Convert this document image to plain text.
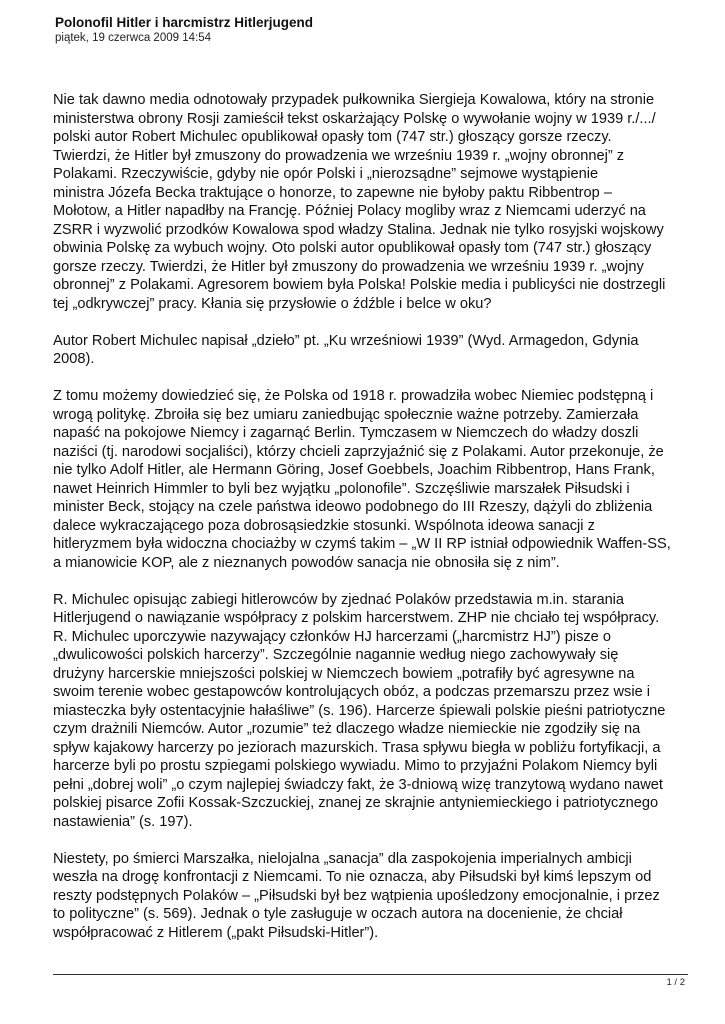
Polonofil Hitler i harcmistrz Hitlerjugend
piątek, 19 czerwca 2009 14:54

Nie tak dawno media odnotowały przypadek pułkownika Siergieja Kowalowa, który na stronie
ministerstwa obrony Rosji zamieścił tekst oskarżający Polskę o wywołanie wojny w 1939 r./.../
polski autor Robert Michulec opublikował opasły tom (747 str.) głoszący gorsze rzeczy.
Twierdzi, że Hitler był zmuszony do prowadzenia we wrześniu 1939 r. „wojny obronnej” z
Polakami. Rzeczywiście, gdyby nie opór Polski i „nierozsądne” sejmowe wystąpienie
ministra Józefa Becka traktujące o honorze, to zapewne nie byłoby paktu Ribbentrop –
Mołotow, a Hitler napadłby na Francję. Później Polacy mogliby wraz z Niemcami uderzyć na
ZSRR i wyzwolić przodków Kowalowa spod władzy Stalina. Jednak nie tylko rosyjski wojskowy
obwinia Polskę za wybuch wojny. Oto polski autor opublikował opasły tom (747 str.) głoszący
gorsze rzeczy. Twierdzi, że Hitler był zmuszony do prowadzenia we wrześniu 1939 r. „wojny
obronnej” z Polakami. Agresorem bowiem była Polska! Polskie media i publicyści nie dostrzegli
tej „odkrywczej” pracy. Kłania się przysłowie o źdźble i belce w oku?

Autor Robert Michulec napisał „dzieło” pt. „Ku wrześniowi 1939” (Wyd. Armagedon, Gdynia
2008).

Z tomu możemy dowiedzieć się, że Polska od 1918 r. prowadziła wobec Niemiec podstępną i
wrogą politykę. Zbroiła się bez umiaru zaniedbując społecznie ważne potrzeby. Zamierzała
napaść na pokojowe Niemcy i zagarnąć Berlin. Tymczasem w Niemczech do władzy doszli
naziści (tj. narodowi socjaliści), którzy chcieli zaprzyjaźnić się z Polakami. Autor przekonuje, że
nie tylko Adolf Hitler, ale Hermann Göring, Josef Goebbels, Joachim Ribbentrop, Hans Frank,
nawet Heinrich Himmler to byli bez wyjątku „polonofile”. Szczęśliwie marszałek Piłsudski i
minister Beck, stojący na czele państwa ideowo podobnego do III Rzeszy, dążyli do zbliżenia
dalece wykraczającego poza dobrosąsiedzkie stosunki. Wspólnota ideowa sanacji z
hitleryzmem była widoczna chociażby w czymś takim – „W II RP istniał odpowiednik Waffen-SS,
a mianowicie KOP, ale z nieznanych powodów sanacja nie obnosiła się z nim”.

R. Michulec opisując zabiegi hitlerowców by zjednać Polaków przedstawia m.in. starania
Hitlerjugend o nawiązanie współpracy z polskim harcerstwem. ZHP nie chciało tej współpracy.
R. Michulec uporczywie nazywający członków HJ harcerzami („harcmistrz HJ”) pisze o
„dwulicowości polskich harcerzy”. Szczególnie nagannie według niego zachowywały się
drużyny harcerskie mniejszości polskiej w Niemczech bowiem „potrafiły być agresywne na
swoim terenie wobec gestapowców kontrolujących obóz, a podczas przemarszu przez wsie i
miasteczka były ostentacyjnie hałaśliwe” (s. 196). Harcerze śpiewali polskie pieśni patriotyczne
czym drażnili Niemców. Autor „rozumie” też dlaczego władze niemieckie nie zgodziły się na
spływ kajakowy harcerzy po jeziorach mazurskich. Trasa spływu biegła w pobliżu fortyfikacji, a
harcerze byli po prostu szpiegami polskiego wywiadu. Mimo to przyjaźni Polakom Niemcy byli
pełni „dobrej woli” „o czym najlepiej świadczy fakt, że 3-dniową wizę tranzytową wydano nawet
polskiej pisarce Zofii Kossak-Szczuckiej, znanej ze skrajnie antyniemieckiego i patriotycznego
nastawienia” (s. 197).

Niestety, po śmierci Marszałka, nielojalna „sanacja” dla zaspokojenia imperialnych ambicji
weszła na drogę konfrontacji z Niemcami. To nie oznacza, aby Piłsudski był kimś lepszym od
reszty podstępnych Polaków – „Piłsudski był bez wątpienia upośledzony emocjonalnie, i przez
to polityczne” (s. 569). Jednak o tyle zasługuje w oczach autora na docenienie, że chciał
współpracować z Hitlerem („pakt Piłsudski-Hitler”).

1 / 2
